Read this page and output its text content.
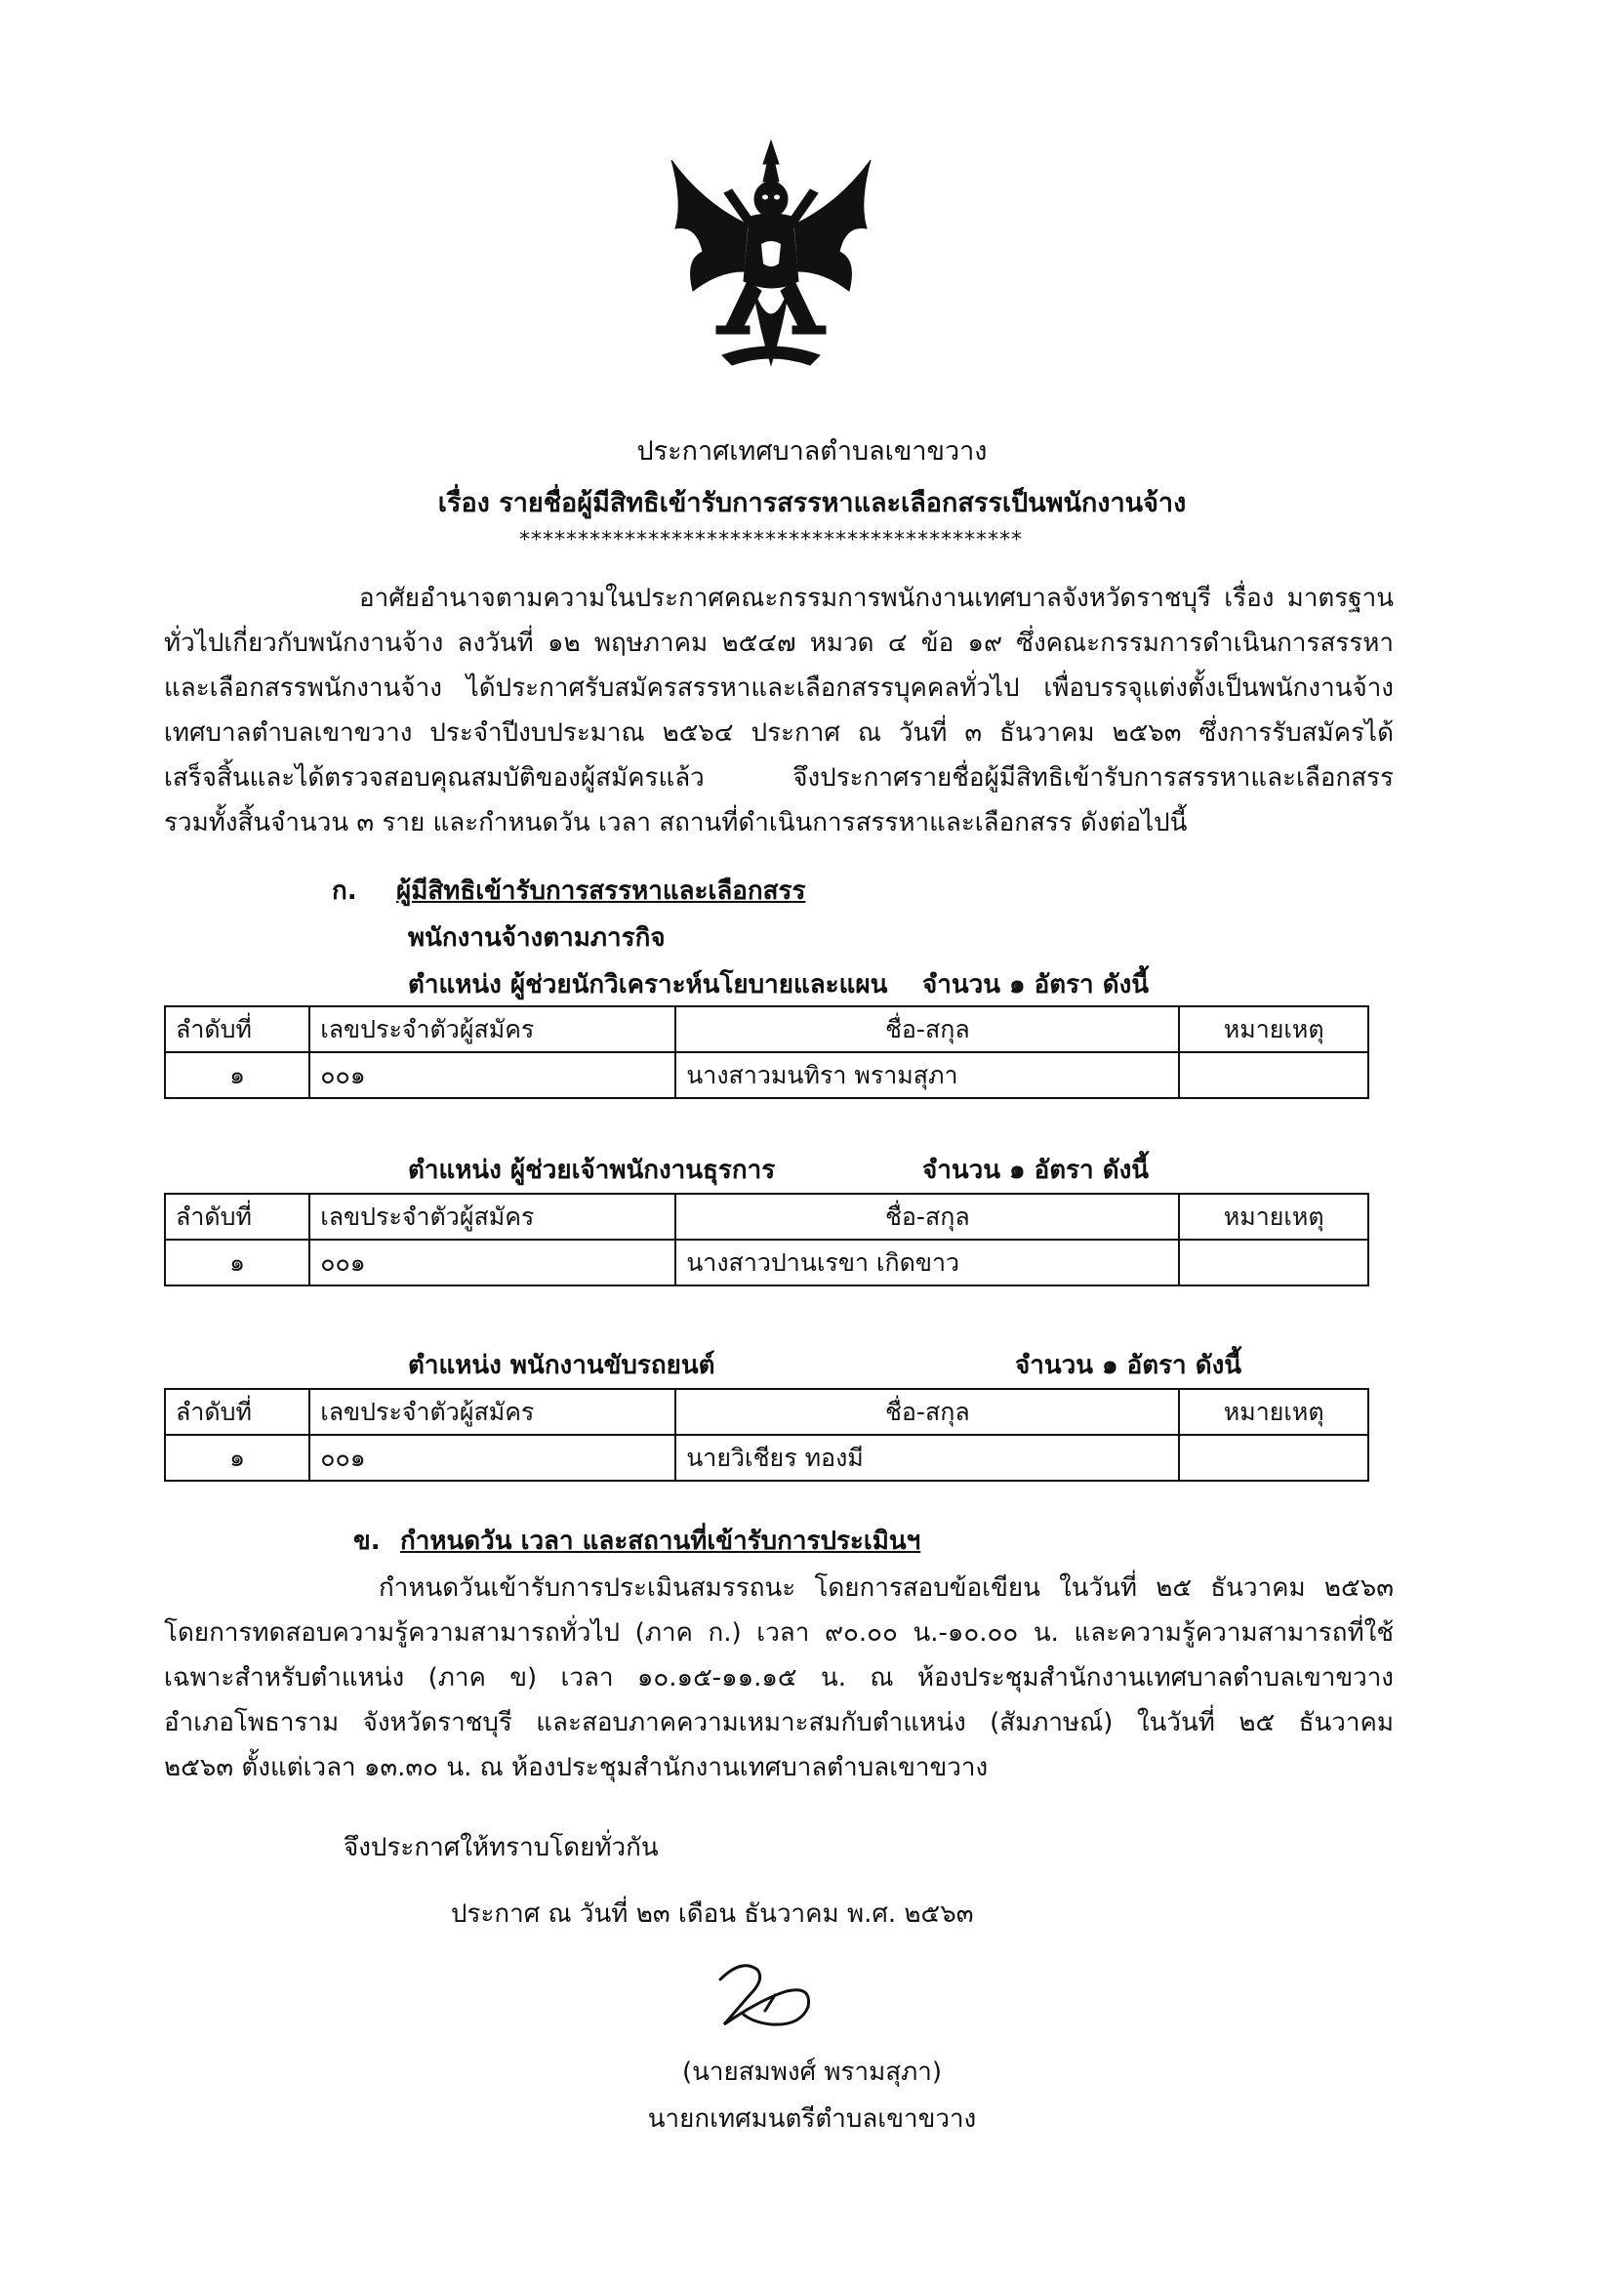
ประกาศเทศบาลตำบลเขาขวาง
เรื่อง รายชื่อผู้มีสิทธิเข้ารับการสรรหาและเลือกสรรเป็นพนักงานจ้าง
*******************************************
อาศัยอำนาจตามความในประกาศคณะกรรมการพนักงานเทศบาลจังหวัดราชบุรี เรื่อง มาตรฐาน
ทั่วไปเกี่ยวกับพนักงานจ้าง ลงวันที่ ๑๒ พฤษภาคม ๒๕๔๗ หมวด ๔ ข้อ ๑๙ ซึ่งคณะกรรมการดำเนินการสรรหา
และเลือกสรรพนักงานจ้าง ได้ประกาศรับสมัครสรรหาและเลือกสรรบุคคลทั่วไป เพื่อบรรจุแต่งตั้งเป็นพนักงานจ้าง
เทศบาลตำบลเขาขวาง ประจำปีงบประมาณ ๒๕๖๔ ประกาศ ณ วันที่ ๓ ธันวาคม ๒๕๖๓ ซึ่งการรับสมัครได้
เสร็จสิ้นและได้ตรวจสอบคุณสมบัติของผู้สมัครแล้ว จึงประกาศรายชื่อผู้มีสิทธิเข้ารับการสรรหาและเลือกสรร
รวมทั้งสิ้นจำนวน ๓ ราย และกำหนดวัน เวลา สถานที่ดำเนินการสรรหาและเลือกสรร ดังต่อไปนี้
ก. ผู้มีสิทธิเข้ารับการสรรหาและเลือกสรร
พนักงานจ้างตามภารกิจ
ตำแหน่ง ผู้ช่วยนักวิเคราะห์นโยบายและแผน จำนวน ๑ อัตรา ดังนี้
ลำดับที่	เลขประจำตัวผู้สมัคร	ชื่อ-สกุล	หมายเหตุ
๑	๐๐๑	นางสาวมนทิรา พรามสุภา	
ตำแหน่ง ผู้ช่วยเจ้าพนักงานธุรการ	จำนวน ๑ อัตรา ดังนี้
ลำดับที่	เลขประจำตัวผู้สมัคร	ชื่อ-สกุล	หมายเหตุ
๑	๐๐๑	นางสาวปานเรขา เกิดขาว	
ตำแหน่ง พนักงานขับรถยนต์	จำนวน ๑ อัตรา ดังนี้
ลำดับที่	เลขประจำตัวผู้สมัคร	ชื่อ-สกุล	หมายเหตุ
๑	๐๐๑	นายวิเชียร ทองมี	
ข. กำหนดวัน เวลา และสถานที่เข้ารับการประเมินฯ
กำหนดวันเข้ารับการประเมินสมรรถนะ โดยการสอบข้อเขียน ในวันที่ ๒๕ ธันวาคม ๒๕๖๓
โดยการทดสอบความรู้ความสามารถทั่วไป (ภาค ก.) เวลา ๙๐.๐๐ น.-๑๐.๐๐ น. และความรู้ความสามารถที่ใช้
เฉพาะสำหรับตำแหน่ง (ภาค ข) เวลา ๑๐.๑๕-๑๑.๑๕ น. ณ ห้องประชุมสำนักงานเทศบาลตำบลเขาขวาง
อำเภอโพธาราม จังหวัดราชบุรี และสอบภาคความเหมาะสมกับตำแหน่ง (สัมภาษณ์) ในวันที่ ๒๕ ธันวาคม
๒๕๖๓ ตั้งแต่เวลา ๑๓.๓๐ น. ณ ห้องประชุมสำนักงานเทศบาลตำบลเขาขวาง
จึงประกาศให้ทราบโดยทั่วกัน
ประกาศ ณ วันที่ ๒๓ เดือน ธันวาคม พ.ศ. ๒๕๖๓
(นายสมพงศ์ พรามสุภา)
นายกเทศมนตรีตำบลเขาขวาง
